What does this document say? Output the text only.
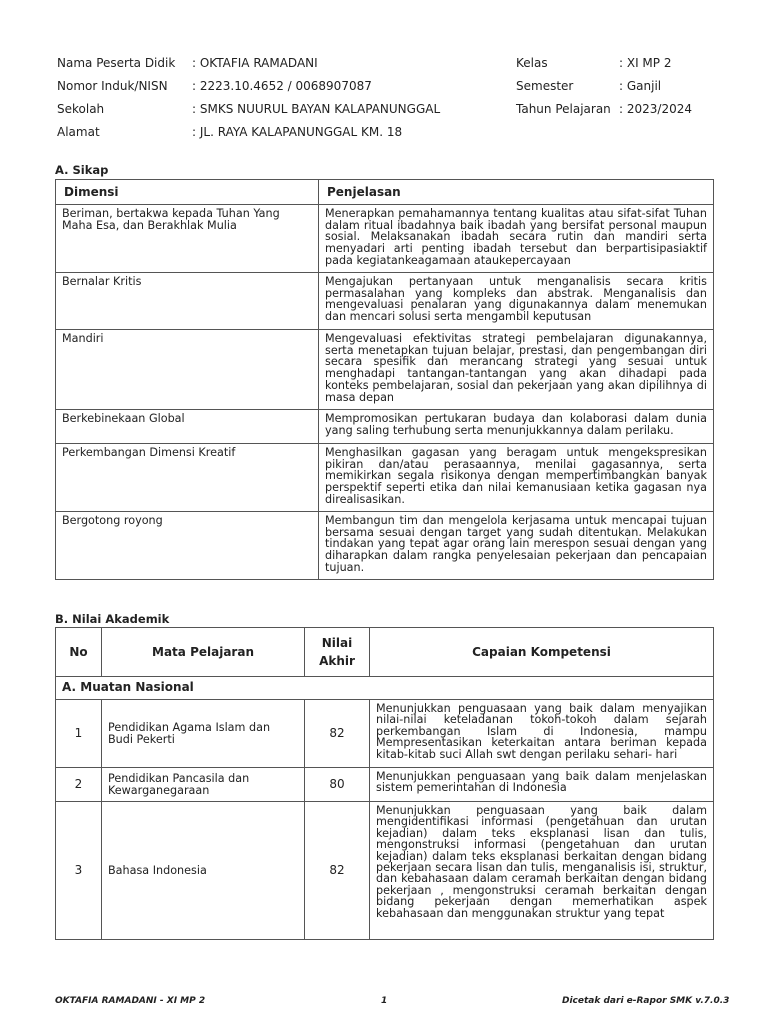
Nama Peserta Didik : OKTAFIA RAMADANI	Kelas	: XI MP 2
Nomor Induk/NISN : 2223.10.4652 / 0068907087	Semester	: Ganjil
Sekolah	: SMKS NUURUL BAYAN KALAPANUNGGAL	Tahun Pelajaran : 2023/2024
Alamat	: JL. RAYA KALAPANUNGGAL KM. 18
A. Sikap
Dimensi	Penjelasan
Beriman, bertakwa kepada Tuhan Yang Maha Esa, dan Berakhlak Mulia	Menerapkan pemahamannya tentang kualitas atau sifat-sifat Tuhan dalam ritual ibadahnya baik ibadah yang bersifat personal maupun sosial. Melaksanakan ibadah secara rutin dan mandiri serta menyadari arti penting ibadah tersebut dan berpartisipasiaktif pada kegiatankeagamaan ataukepercayaan
Bernalar Kritis	Mengajukan pertanyaan untuk menganalisis secara kritis permasalahan yang kompleks dan abstrak. Menganalisis dan mengevaluasi penalaran yang digunakannya dalam menemukan dan mencari solusi serta mengambil keputusan
Mandiri	Mengevaluasi efektivitas strategi pembelajaran digunakannya, serta menetapkan tujuan belajar, prestasi, dan pengembangan diri secara spesifik dan merancang strategi yang sesuai untuk menghadapi tantangan-tantangan yang akan dihadapi pada konteks pembelajaran, sosial dan pekerjaan yang akan dipilihnya di masa depan
Berkebinekaan Global	Mempromosikan pertukaran budaya dan kolaborasi dalam dunia yang saling terhubung serta menunjukkannya dalam perilaku.
Perkembangan Dimensi Kreatif	Menghasilkan gagasan yang beragam untuk mengekspresikan pikiran dan/atau perasaannya, menilai gagasannya, serta memikirkan segala risikonya dengan mempertimbangkan banyak perspektif seperti etika dan nilai kemanusiaan ketika gagasan nya direalisasikan.
Bergotong royong	Membangun tim dan mengelola kerjasama untuk mencapai tujuan bersama sesuai dengan target yang sudah ditentukan. Melakukan tindakan yang tepat agar orang lain merespon sesuai dengan yang diharapkan dalam rangka penyelesaian pekerjaan dan pencapaian tujuan.
B. Nilai Akademik
No	Mata Pelajaran	Nilai Akhir	Capaian Kompetensi
A. Muatan Nasional			
1	Pendidikan Agama Islam dan Budi Pekerti	82	Menunjukkan penguasaan yang baik dalam menyajikan nilai-nilai keteladanan tokoh-tokoh dalam sejarah perkembangan Islam di Indonesia, mampu Mempresentasikan keterkaitan antara beriman kepada kitab-kitab suci Allah swt dengan perilaku sehari- hari
2	Pendidikan Pancasila dan Kewarganegaraan	80	Menunjukkan penguasaan yang baik dalam menjelaskan sistem pemerintahan di Indonesia
3	Bahasa Indonesia	82	Menunjukkan penguasaan yang baik dalam mengidentifikasi informasi (pengetahuan dan urutan kejadian) dalam teks eksplanasi lisan dan tulis, mengonstruksi informasi (pengetahuan dan urutan kejadian) dalam teks eksplanasi berkaitan dengan bidang pekerjaan secara lisan dan tulis, menganalisis isi, struktur, dan kebahasaan dalam ceramah berkaitan dengan bidang pekerjaan , mengonstruksi ceramah berkaitan dengan bidang pekerjaan dengan memerhatikan aspek kebahasaan dan menggunakan struktur yang tepat
OKTAFIA RAMADANI - XI MP 2	1	Dicetak dari e-Rapor SMK v.7.0.3
